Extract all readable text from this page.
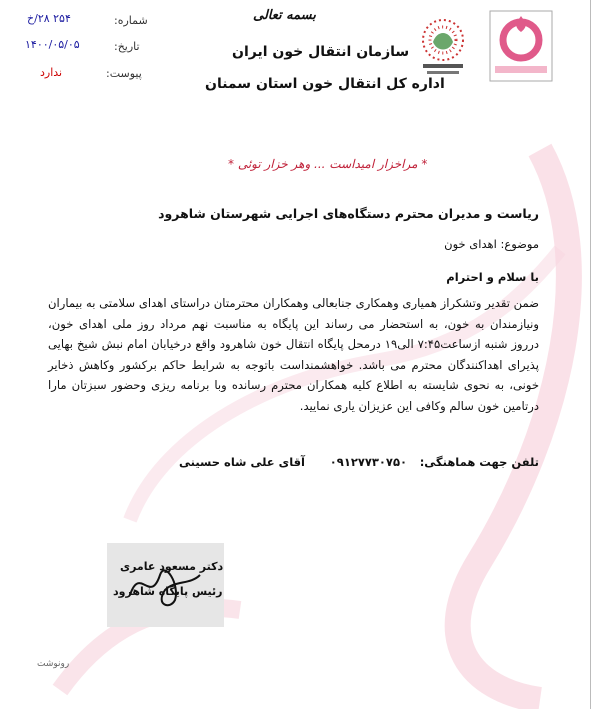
بسمه تعالی
سازمان انتقال خون ایران
اداره کل انتقال خون استان سمنان
شماره:
۲۵۴ ۲۸/خ
تاریخ:
۱۴۰۰/۰۵/۰۵
پیوست:
ندارد
* مراخزار امیداست ... وهر خزار توئی *
ریاست و مدیران محترم دستگاه‌های اجرایی شهرستان شاهرود
موضوع: اهدای خون
با سلام و احترام
ضمن تقدیر وتشکراز همیاری وهمکاری جنابعالی وهمکاران محترمتان دراستای اهدای سلامتی به بیماران ونیازمندان به خون، به استحضار می رساند این پایگاه به مناسبت نهم مرداد روز ملی اهدای خون، درروز شنبه ازساعت۷:۴۵ الی۱۹ درمحل پایگاه انتقال خون شاهرود واقع درخیابان امام نبش شیخ بهایی پذیرای اهداکنندگان محترم می باشد. خواهشمنداست باتوجه به شرایط حاکم برکشور وکاهش ذخایر خونی، به نحوی شایسته به اطلاع کلیه همکاران محترم رسانده وبا برنامه ریزی وحضور سبزتان مارا درتامین خون سالم وکافی این عزیزان یاری نمایید.
تلفن جهت هماهنگی:
۰۹۱۲۷۷۳۰۷۵۰
آقای علی شاه حسینی
دکتر مسعود عامری
رئیس پایگاه شاهرود
رونوشت
